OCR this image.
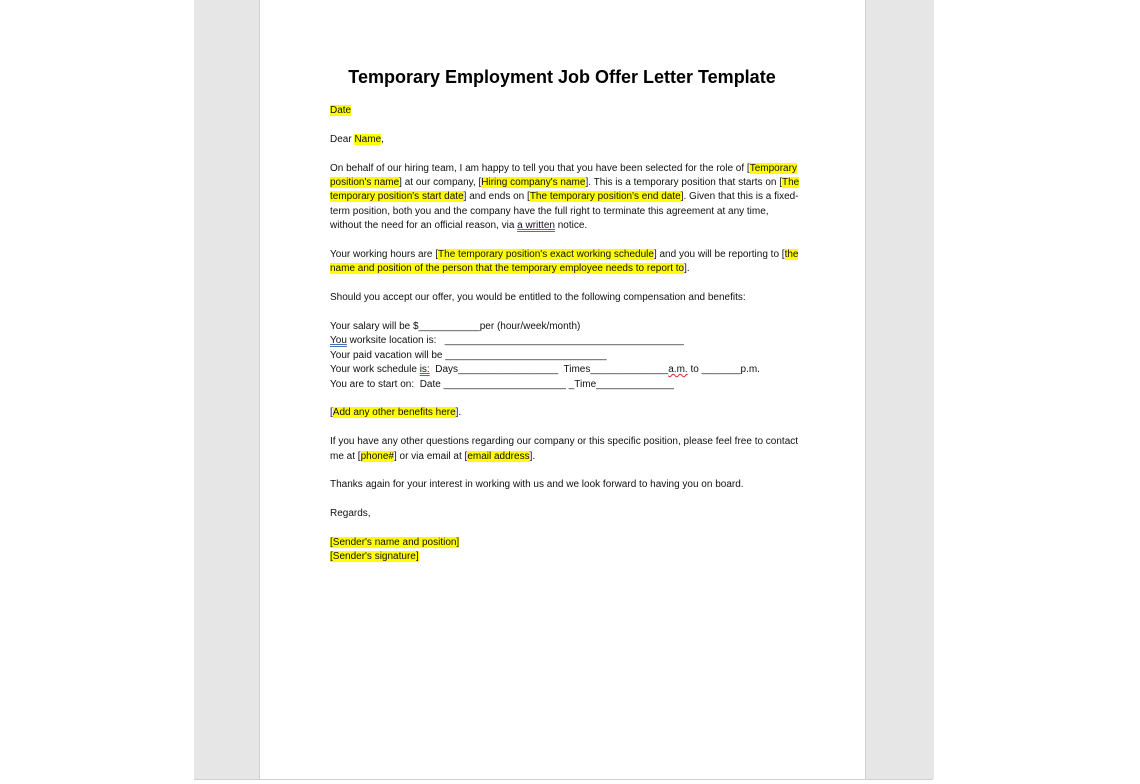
Temporary Employment Job Offer Letter Template

Date

Dear Name,

On behalf of our hiring team, I am happy to tell you that you have been selected for the role of [Temporary position's name] at our company, [Hiring company's name]. This is a temporary position that starts on [The temporary position's start date] and ends on [The temporary position's end date]. Given that this is a fixed-term position, both you and the company have the full right to terminate this agreement at any time, without the need for an official reason, via a written notice.

Your working hours are [The temporary position's exact working schedule] and you will be reporting to [the name and position of the person that the temporary employee needs to report to].

Should you accept our offer, you would be entitled to the following compensation and benefits:

Your salary will be $___________per (hour/week/month)
You worksite location is:   ___________________________________________
Your paid vacation will be _____________________________
Your work schedule is:  Days__________________  Times______________a.m. to _______p.m.
You are to start on:  Date ______________________ _Time______________

[Add any other benefits here].

If you have any other questions regarding our company or this specific position, please feel free to contact me at [phone#] or via email at [email address].

Thanks again for your interest in working with us and we look forward to having you on board.

Regards,

[Sender's name and position]
[Sender's signature]
